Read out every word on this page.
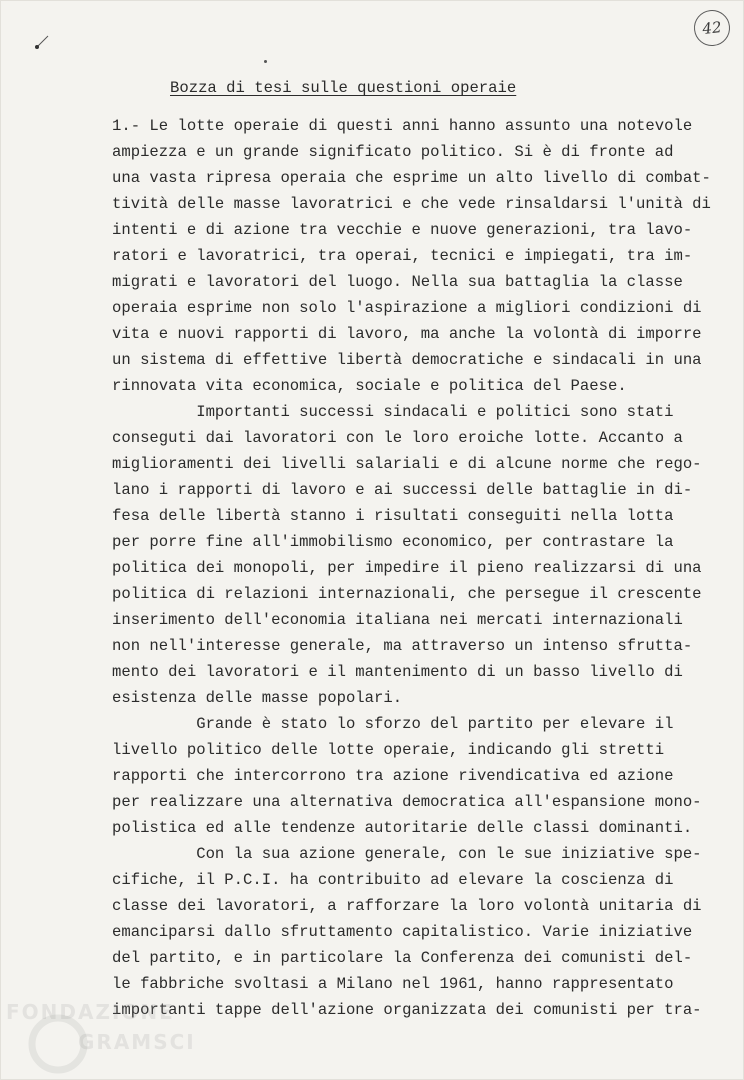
42
Bozza di tesi sulle questioni operaie
1.- Le lotte operaie di questi anni hanno assunto una notevole
ampiezza e un grande significato politico. Si è di fronte ad
una vasta ripresa operaia che esprime un alto livello di combat-
tività delle masse lavoratrici e che vede rinsaldarsi l'unità di
intenti e di azione tra vecchie e nuove generazioni, tra lavo-
ratori e lavoratrici, tra operai, tecnici e impiegati, tra im-
migrati e lavoratori del luogo. Nella sua battaglia la classe
operaia esprime non solo l'aspirazione a migliori condizioni di
vita e nuovi rapporti di lavoro, ma anche la volontà di imporre
un sistema di effettive libertà democratiche e sindacali in una
rinnovata vita economica, sociale e politica del Paese.
Importanti successi sindacali e politici sono stati
conseguti dai lavoratori con le loro eroiche lotte. Accanto a
miglioramenti dei livelli salariali e di alcune norme che rego-
lano i rapporti di lavoro e ai successi delle battaglie in di-
fesa delle libertà stanno i risultati conseguiti nella lotta
per porre fine all'immobilismo economico, per contrastare la
politica dei monopoli, per impedire il pieno realizzarsi di una
politica di relazioni internazionali, che persegue il crescente
inserimento dell'economia italiana nei mercati internazionali
non nell'interesse generale, ma attraverso un intenso sfrutta-
mento dei lavoratori e il mantenimento di un basso livello di
esistenza delle masse popolari.
Grande è stato lo sforzo del partito per elevare il
livello politico delle lotte operaie, indicando gli stretti
rapporti che intercorrono tra azione rivendicativa ed azione
per realizzare una alternativa democratica all'espansione mono-
polistica ed alle tendenze autoritarie delle classi dominanti.
Con la sua azione generale, con le sue iniziative spe-
cifiche, il P.C.I. ha contribuito ad elevare la coscienza di
classe dei lavoratori, a rafforzare la loro volontà unitaria di
emanciparsi dallo sfruttamento capitalistico. Varie iniziative
del partito, e in particolare la Conferenza dei comunisti del-
le fabbriche svoltasi a Milano nel 1961, hanno rappresentato
importanti tappe dell'azione organizzata dei comunisti per tra-
FONDAZIONE
GRAMSCI
